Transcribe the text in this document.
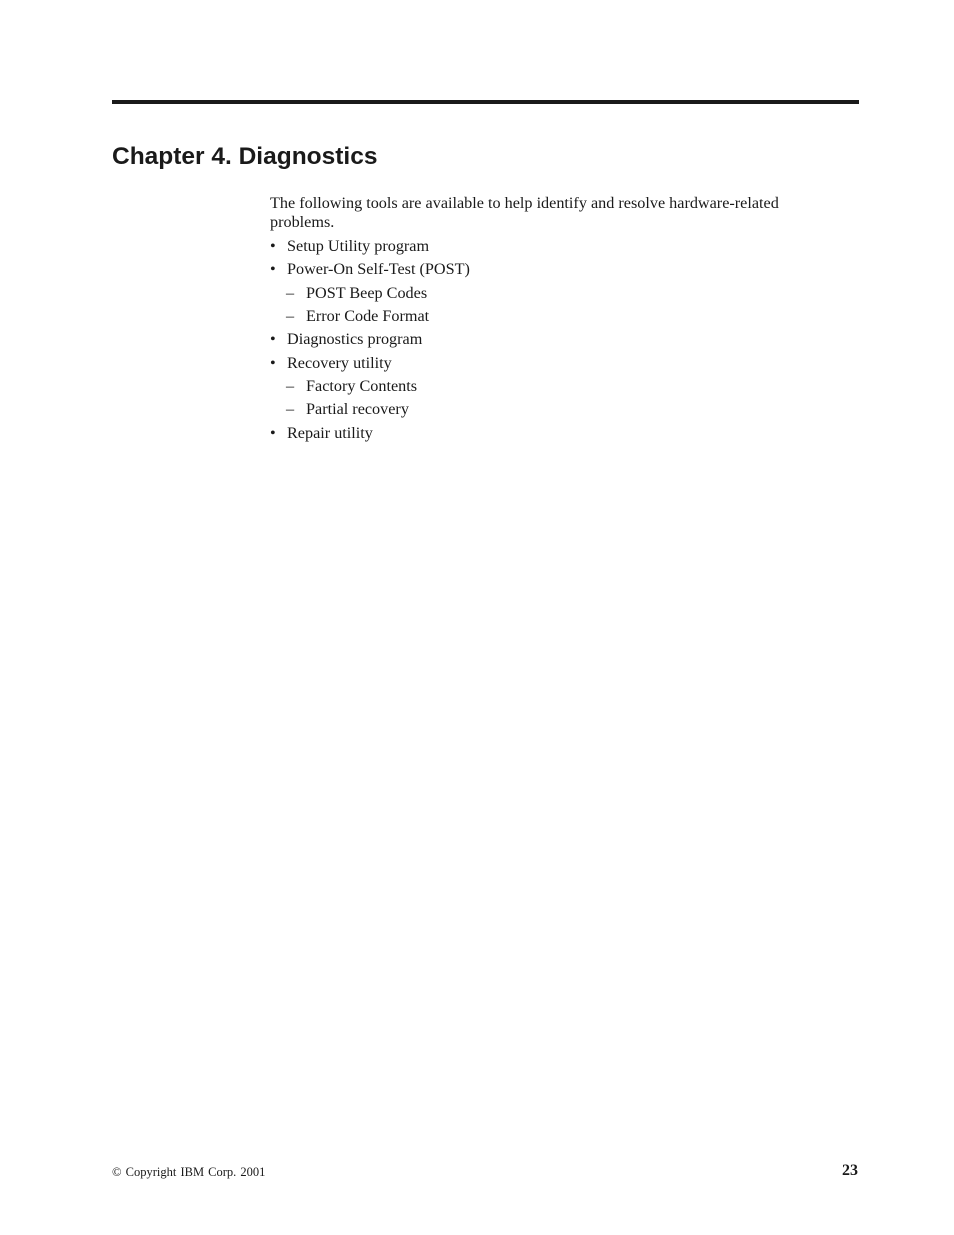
Chapter 4. Diagnostics

The following tools are available to help identify and resolve hardware-related problems.

• Setup Utility program
• Power-On Self-Test (POST)
– POST Beep Codes
– Error Code Format
• Diagnostics program
• Recovery utility
– Factory Contents
– Partial recovery
• Repair utility
© Copyright IBM Corp. 2001	23
